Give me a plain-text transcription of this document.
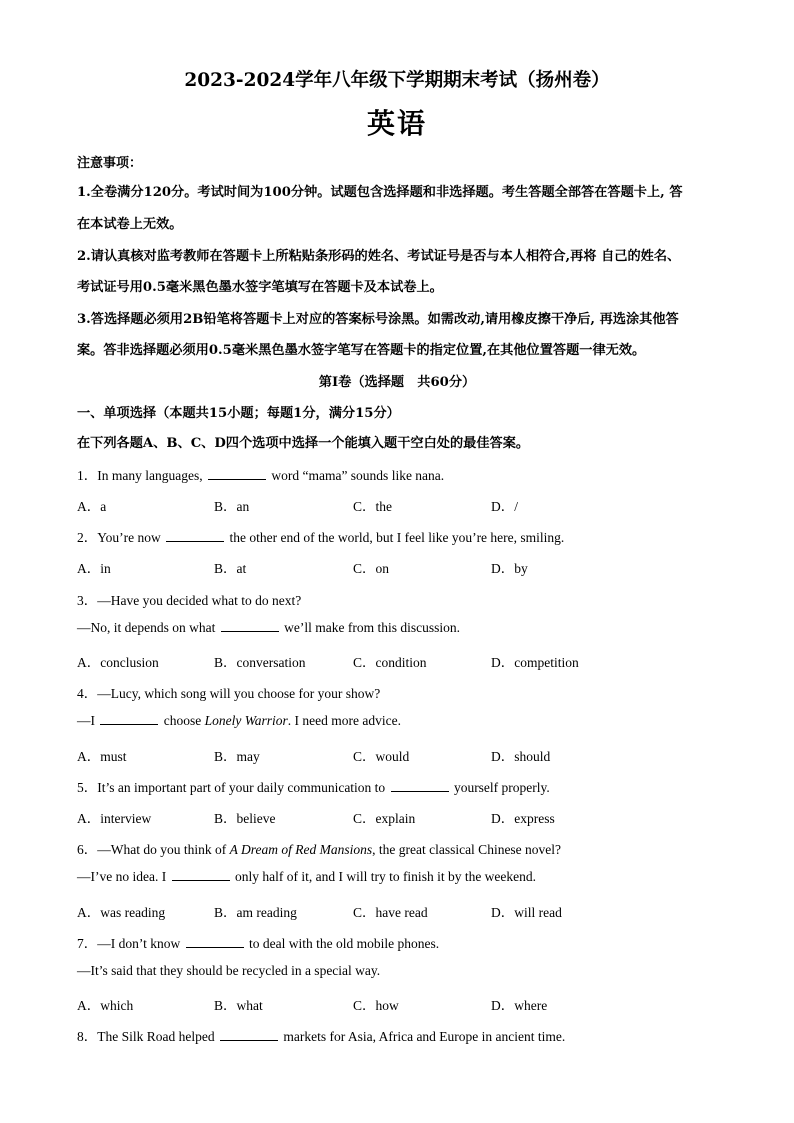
2023-2024学年八年级下学期期末考试（扬州卷）
英语
注意事项：
1.全卷满分120分。考试时间为100分钟。试题包含选择题和非选择题。考生答题全部答在答题卡上, 答
在本试卷上无效。
2.请认真核对监考教师在答题卡上所粘贴条形码的姓名、考试证号是否与本人相符合,再将 自己的姓名、
考试证号用0.5毫米黑色墨水签字笔填写在答题卡及本试卷上。
3.答选择题必须用2B铅笔将答题卡上对应的答案标号涂黑。如需改动,请用橡皮擦干净后, 再选涂其他答
案。答非选择题必须用0.5毫米黑色墨水签字笔写在答题卡的指定位置,在其他位置答题一律无效。
第I卷（选择题　共60分）
一、单项选择（本题共15小题；每题1分，满分15分）
在下列各题A、B、C、D四个选项中选择一个能填入题干空白处的最佳答案。
1．In many languages,	word “mama” sounds like nana.
A．a	B．an	C．the	D．/
2．You’re now	the other end of the world, but I feel like you’re here, smiling.
A．in	B．at	C．on	D．by
3．—Have you decided what to do next?
—No, it depends on what	we’ll make from this discussion.
A．conclusion	B．conversation	C．condition	D．competition
4．—Lucy, which song will you choose for your show?
—I	choose Lonely Warrior. I need more advice.
A．must	B．may	C．would	D．should
5．It’s an important part of your daily communication to	yourself properly.
A．interview	B．believe	C．explain	D．express
6．—What do you think of A Dream of Red Mansions, the great classical Chinese novel?
—I’ve no idea. I	only half of it, and I will try to finish it by the weekend.
A．was reading	B．am reading	C．have read	D．will read
7．—I don’t know	to deal with the old mobile phones.
—It’s said that they should be recycled in a special way.
A．which	B．what	C．how	D．where
8．The Silk Road helped	markets for Asia, Africa and Europe in ancient time.
